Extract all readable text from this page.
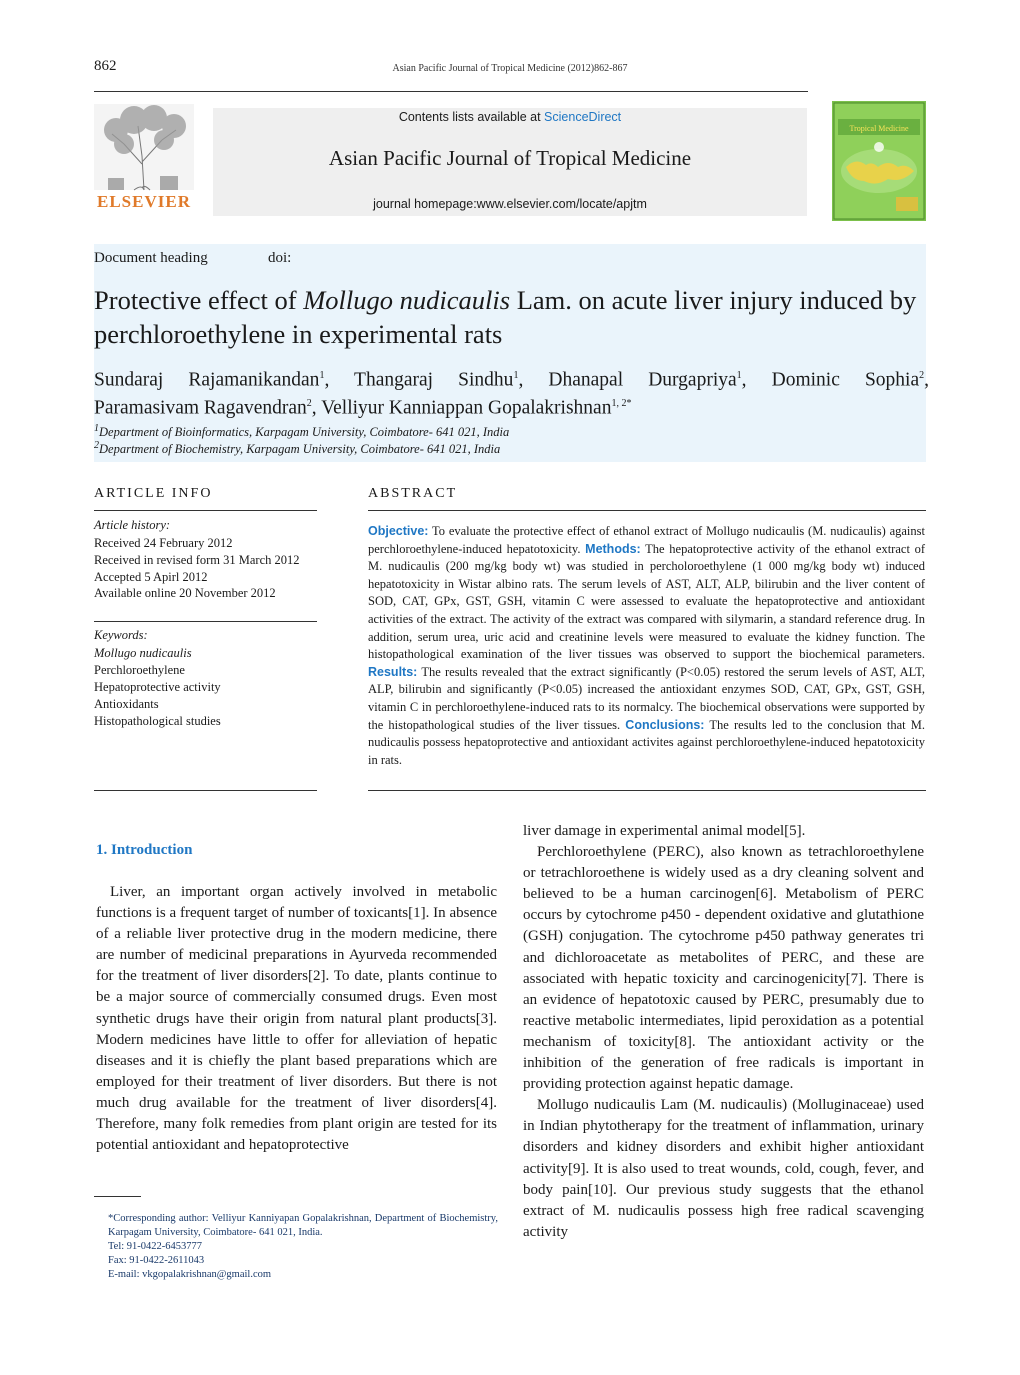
862	Asian Pacific Journal of Tropical Medicine (2012)862-867
ELSEVIER
Contents lists available at ScienceDirect
Asian Pacific Journal of Tropical Medicine
journal homepage:www.elsevier.com/locate/apjtm
Tropical Medicine
Document heading	doi:
Protective effect of Mollugo nudicaulis Lam. on acute liver injury induced by perchloroethylene in experimental rats
Sundaraj Rajamanikandan$^1$, Thangaraj Sindhu$^1$, Dhanapal Durgapriya$^1$, Dominic Sophia$^2$,
Paramasivam Ragavendran$^2$, Velliyur Kanniappan Gopalakrishnan$^{1, 2*}$
$^1$Department of Bioinformatics, Karpagam University, Coimbatore- 641 021, India
$^2$Department of Biochemistry, Karpagam University, Coimbatore- 641 021, India
ARTICLE INFO	ABSTRACT
Article history:
Received 24 February 2012
Received in revised form 31 March 2012
Accepted 5 Apirl 2012
Available online 20 November 2012
Keywords:
Mollugo nudicaulis
Perchloroethylene
Hepatoprotective activity
Antioxidants
Histopathological studies
Objective: To evaluate the protective effect of ethanol extract of Mollugo nudicaulis (M. nudicaulis) against perchloroethylene-induced hepatotoxicity. Methods: The hepatoprotective activity of the ethanol extract of M. nudicaulis (200 mg/kg body wt) was studied in percholoroethylene (1 000 mg/kg body wt) induced hepatotoxicity in Wistar albino rats. The serum levels of AST, ALT, ALP, bilirubin and the liver content of SOD, CAT, GPx, GST, GSH, vitamin C were assessed to evaluate the hepatoprotective and antioxidant activities of the extract. The activity of the extract was compared with silymarin, a standard reference drug. In addition, serum urea, uric acid and creatinine levels were measured to evaluate the kidney function. The histopathological examination of the liver tissues was observed to support the biochemical parameters. Results: The results revealed that the extract significantly (P<0.05) restored the serum levels of AST, ALT, ALP, bilirubin and significantly (P<0.05) increased the antioxidant enzymes SOD, CAT, GPx, GST, GSH, vitamin C in perchloroethylene-induced rats to its normalcy. The biochemical observations were supported by the histopathological studies of the liver tissues. Conclusions: The results led to the conclusion that M. nudicaulis possess hepatoprotective and antioxidant activites against perchloroethylene-induced hepatotoxicity in rats.
1. Introduction

Liver, an important organ actively involved in metabolic functions is a frequent target of number of toxicants[1]. In absence of a reliable liver protective drug in the modern medicine, there are number of medicinal preparations in Ayurveda recommended for the treatment of liver disorders[2]. To date, plants continue to be a major source of commercially consumed drugs. Even most synthetic drugs have their origin from natural plant products[3]. Modern medicines have little to offer for alleviation of hepatic diseases and it is chiefly the plant based preparations which are employed for their treatment of liver disorders. But there is not much drug available for the treatment of liver disorders[4]. Therefore, many folk remedies from plant origin are tested for its potential antioxidant and hepatoprotective

liver damage in experimental animal model[5].

Perchloroethylene (PERC), also known as tetrachloroethylene or tetrachloroethene is widely used as a dry cleaning solvent and believed to be a human carcinogen[6]. Metabolism of PERC occurs by cytochrome p450 - dependent oxidative and glutathione (GSH) conjugation. The cytochrome p450 pathway generates tri and dichloroacetate as metabolites of PERC, and these are associated with hepatic toxicity and carcinogenicity[7]. There is an evidence of hepatotoxic caused by PERC, presumably due to reactive metabolic intermediates, lipid peroxidation as a potential mechanism of toxicity[8]. The antioxidant activity or the inhibition of the generation of free radicals is important in providing protection against hepatic damage.

Mollugo nudicaulis Lam (M. nudicaulis) (Molluginaceae) used in Indian phytotherapy for the treatment of inflammation, urinary disorders and kidney disorders and exhibit higher antioxidant activity[9]. It is also used to treat wounds, cold, cough, fever, and body pain[10]. Our previous study suggests that the ethanol extract of M. nudicaulis possess high free radical scavenging activity

*Corresponding author: Velliyur Kanniyapan Gopalakrishnan, Department of Biochemistry, Karpagam University, Coimbatore- 641 021, India.
Tel: 91-0422-6453777
Fax: 91-0422-2611043
E-mail: vkgopalakrishnan@gmail.com
